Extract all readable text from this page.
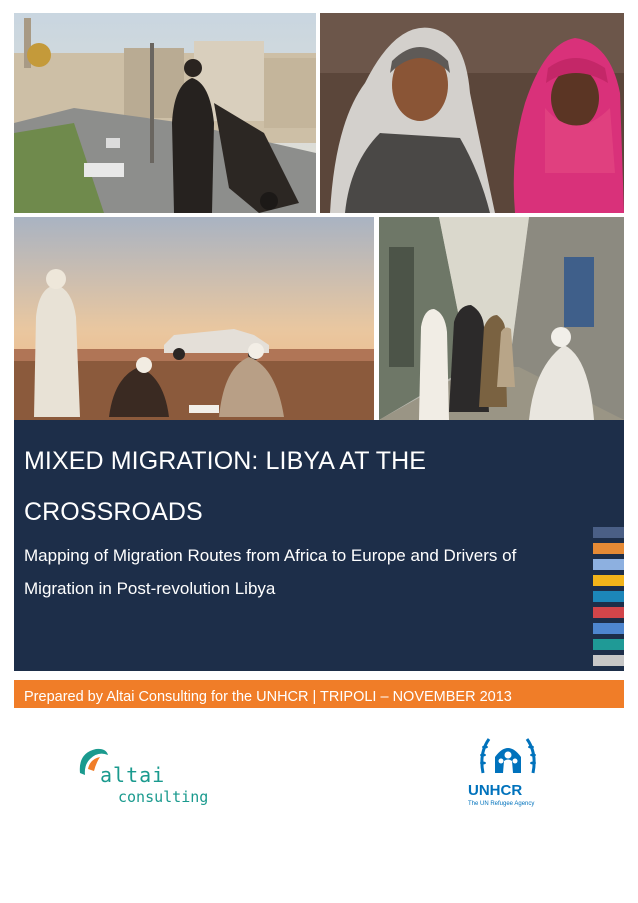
MIXED MIGRATION: LIBYA AT THE
CROSSROADS
Mapping of Migration Routes from Africa to Europe and Drivers of
Migration in Post-revolution Libya
Prepared by Altai Consulting for the UNHCR | TRIPOLI – NOVEMBER 2013
altai
consulting	UNHCR
The UN Refugee Agency
